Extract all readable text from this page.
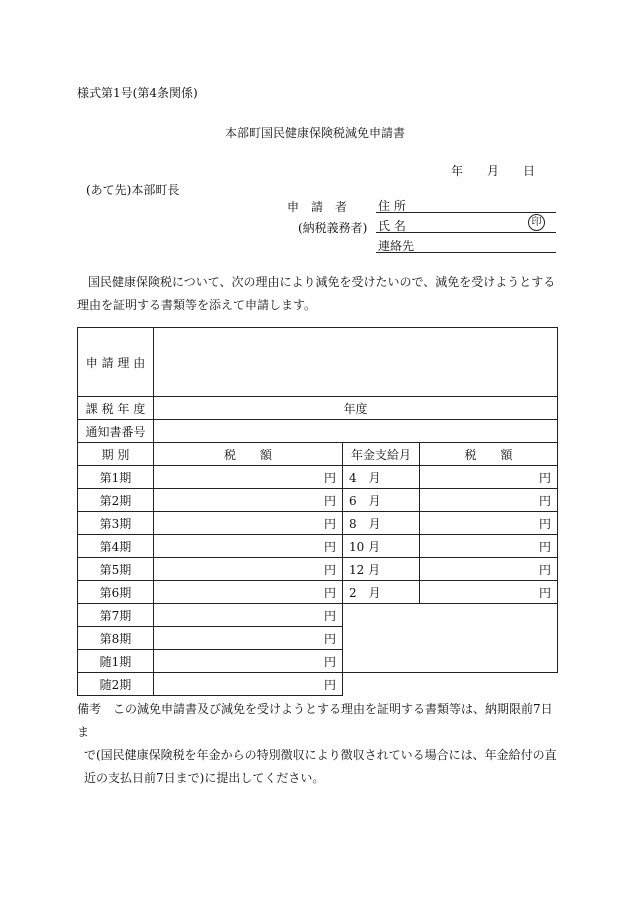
様式第1号(第4条関係)
本部町国民健康保険税減免申請書
年 月 日
(あて先)本部町長
申　請　者
(納税義務者)
住 所
氏 名	印
連絡先
国民健康保険税について、次の理由により減免を受けたいので、減免を受けようとする
理由を証明する書類等を添えて申請します。
申 請 理 由			
課 税 年 度	年度		
通知書番号			
期 別	税　　額	年金支給月	税　　額
第1期	円	4　月	円
第2期	円	6　月	円
第3期	円	8　月	円
第4期	円	10 月	円
第5期	円	12 月	円
第6期	円	2　月	円
第7期	円		
第8期	円		
随1期	円		
随2期	円		
備考　 この減免申請書及び減免を受けようとする理由を証明する書類等は、納期限前7日ま
で(国民健康保険税を年金からの特別徴収により徴収されている場合には、年金給付の直
近の支払日前7日まで)に提出してください。
